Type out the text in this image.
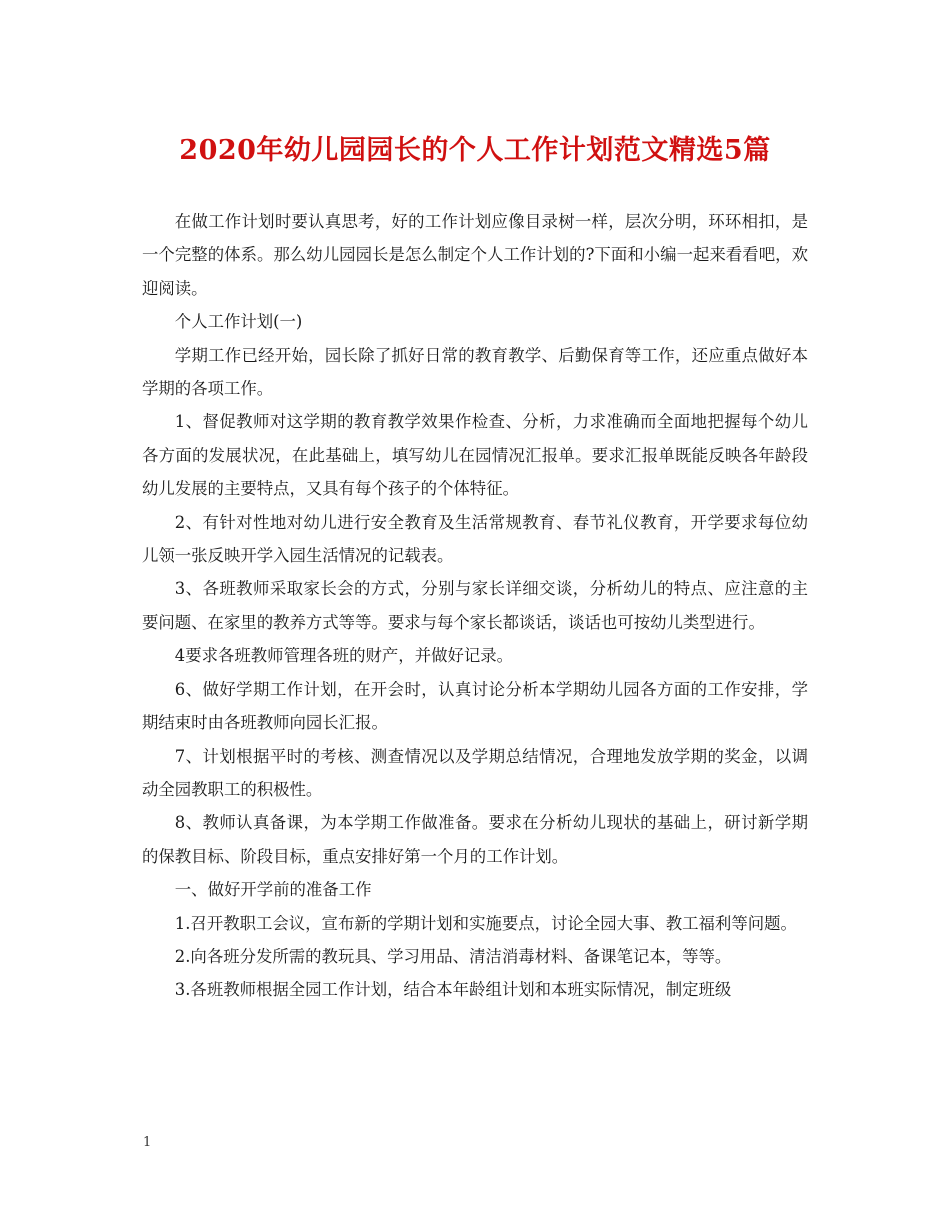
2020年幼儿园园长的个人工作计划范文精选5篇

在做工作计划时要认真思考，好的工作计划应像目录树一样，层次分明，环环相扣，是一个完整的体系。那么幼儿园园长是怎么制定个人工作计划的?下面和小编一起来看看吧，欢迎阅读。

个人工作计划(一)

学期工作已经开始，园长除了抓好日常的教育教学、后勤保育等工作，还应重点做好本学期的各项工作。

1、督促教师对这学期的教育教学效果作检查、分析，力求准确而全面地把握每个幼儿各方面的发展状况，在此基础上，填写幼儿在园情况汇报单。要求汇报单既能反映各年龄段幼儿发展的主要特点，又具有每个孩子的个体特征。

2、有针对性地对幼儿进行安全教育及生活常规教育、春节礼仪教育，开学要求每位幼儿领一张反映开学入园生活情况的记载表。

3、各班教师采取家长会的方式，分别与家长详细交谈，分析幼儿的特点、应注意的主要问题、在家里的教养方式等等。要求与每个家长都谈话，谈话也可按幼儿类型进行。

4要求各班教师管理各班的财产，并做好记录。

6、做好学期工作计划，在开会时，认真讨论分析本学期幼儿园各方面的工作安排，学期结束时由各班教师向园长汇报。

7、计划根据平时的考核、测查情况以及学期总结情况，合理地发放学期的奖金，以调动全园教职工的积极性。

8、教师认真备课，为本学期工作做准备。要求在分析幼儿现状的基础上，研讨新学期的保教目标、阶段目标，重点安排好第一个月的工作计划。

一、做好开学前的准备工作

1.召开教职工会议，宣布新的学期计划和实施要点，讨论全园大事、教工福利等问题。

2.向各班分发所需的教玩具、学习用品、清洁消毒材料、备课笔记本，等等。

3.各班教师根据全园工作计划，结合本年龄组计划和本班实际情况，制定班级

1
